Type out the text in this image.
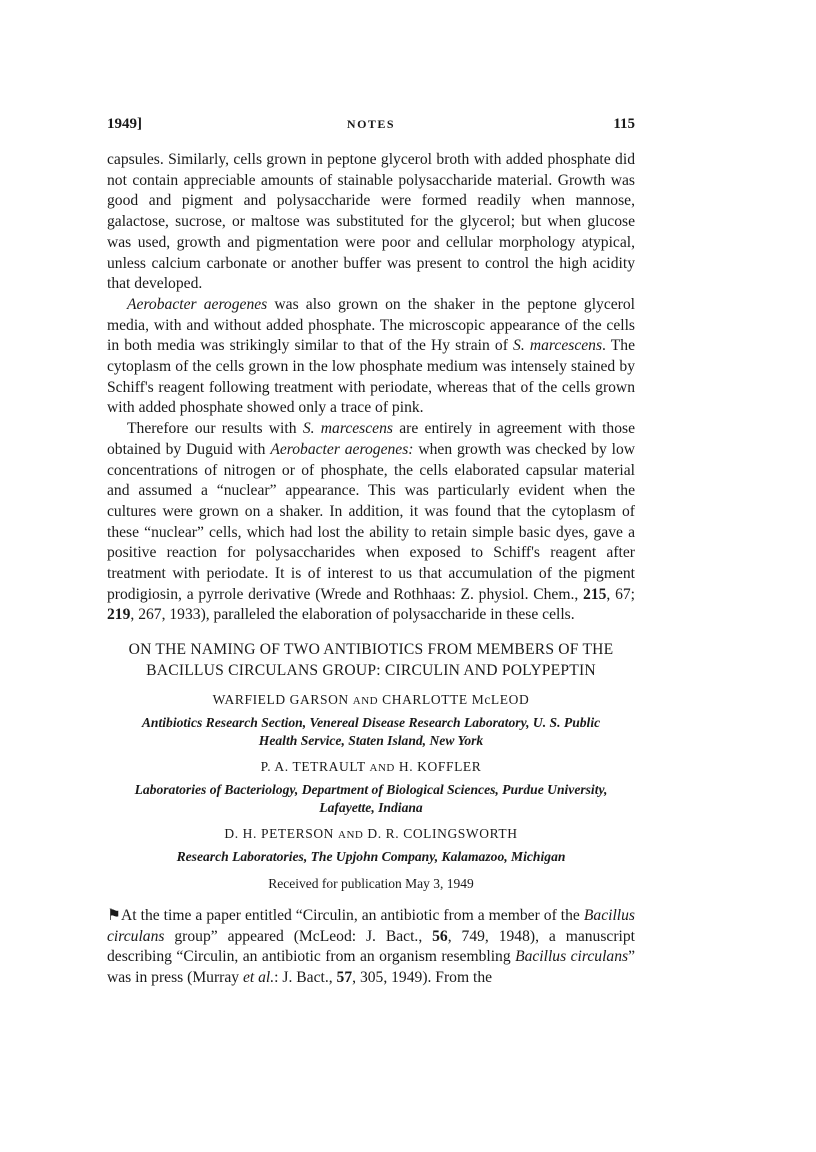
1949]	NOTES	115

capsules. Similarly, cells grown in peptone glycerol broth with added phosphate did not contain appreciable amounts of stainable polysaccharide material. Growth was good and pigment and polysaccharide were formed readily when mannose, galactose, sucrose, or maltose was substituted for the glycerol; but when glucose was used, growth and pigmentation were poor and cellular morphology atypical, unless calcium carbonate or another buffer was present to control the high acidity that developed.

Aerobacter aerogenes was also grown on the shaker in the peptone glycerol media, with and without added phosphate. The microscopic appearance of the cells in both media was strikingly similar to that of the Hy strain of S. marcescens. The cytoplasm of the cells grown in the low phosphate medium was intensely stained by Schiff's reagent following treatment with periodate, whereas that of the cells grown with added phosphate showed only a trace of pink.

Therefore our results with S. marcescens are entirely in agreement with those obtained by Duguid with Aerobacter aerogenes: when growth was checked by low concentrations of nitrogen or of phosphate, the cells elaborated capsular material and assumed a “nuclear” appearance. This was particularly evident when the cultures were grown on a shaker. In addition, it was found that the cytoplasm of these “nuclear” cells, which had lost the ability to retain simple basic dyes, gave a positive reaction for polysaccharides when exposed to Schiff's reagent after treatment with periodate. It is of interest to us that accumulation of the pigment prodigiosin, a pyrrole derivative (Wrede and Rothhaas: Z. physiol. Chem., 215, 67; 219, 267, 1933), paralleled the elaboration of polysaccharide in these cells.

ON THE NAMING OF TWO ANTIBIOTICS FROM MEMBERS OF THE BACILLUS CIRCULANS GROUP: CIRCULIN AND POLYPEPTIN

WARFIELD GARSON AND CHARLOTTE McLEOD

Antibiotics Research Section, Venereal Disease Research Laboratory, U. S. Public Health Service, Staten Island, New York

P. A. TETRAULT AND H. KOFFLER

Laboratories of Bacteriology, Department of Biological Sciences, Purdue University, Lafayette, Indiana

D. H. PETERSON AND D. R. COLINGSWORTH

Research Laboratories, The Upjohn Company, Kalamazoo, Michigan

Received for publication May 3, 1949

⚑At the time a paper entitled “Circulin, an antibiotic from a member of the Bacillus circulans group” appeared (McLeod: J. Bact., 56, 749, 1948), a manuscript describing “Circulin, an antibiotic from an organism resembling Bacillus circulans” was in press (Murray et al.: J. Bact., 57, 305, 1949). From the
